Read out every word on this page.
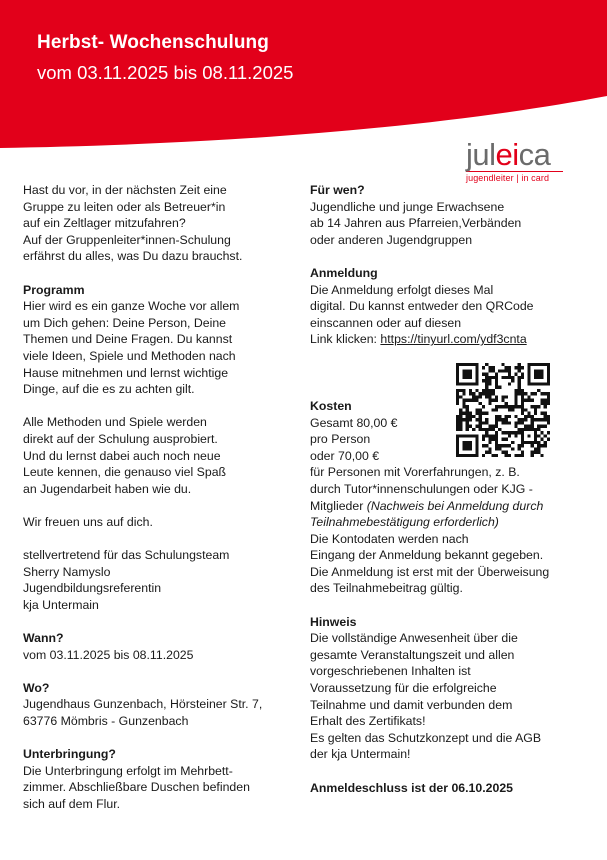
Herbst- Wochenschulung

vom 03.11.2025 bis 08.11.2025

juleica
jugendleiter | in card

Hast du vor, in der nächsten Zeit eine
Gruppe zu leiten oder als Betreuer*in
auf ein Zeltlager mitzufahren?
Auf der Gruppenleiter*innen-Schulung
erfährst du alles, was Du dazu brauchst.

Programm

Hier wird es ein ganze Woche vor allem
um Dich gehen: Deine Person, Deine
Themen und Deine Fragen. Du kannst
viele Ideen, Spiele und Methoden nach
Hause mitnehmen und lernst wichtige
Dinge, auf die es zu achten gilt.

Alle Methoden und Spiele werden
direkt auf der Schulung ausprobiert.
Und du lernst dabei auch noch neue
Leute kennen, die genauso viel Spaß
an Jugendarbeit haben wie du.

Wir freuen uns auf dich.

stellvertretend für das Schulungsteam
Sherry Namyslo
Jugendbildungsreferentin
kja Untermain

Wann?

vom 03.11.2025 bis 08.11.2025

Wo?

Jugendhaus Gunzenbach, Hörsteiner Str. 7,
63776 Mömbris - Gunzenbach

Unterbringung?

Die Unterbringung erfolgt im Mehrbett-
zimmer. Abschließbare Duschen befinden
sich auf dem Flur.

Für wen?

Jugendliche und junge Erwachsene
ab 14 Jahren aus Pfarreien,Verbänden
oder anderen Jugendgruppen

Anmeldung

Die Anmeldung erfolgt dieses Mal
digital. Du kannst entweder den QRCode
einscannen oder auf diesen

Link klicken: https://tinyurl.com/ydf3cnta

Kosten

Gesamt 80,00 €
pro Person
oder 70,00 €
für Personen mit Vorerfahrungen, z. B.
durch Tutor*innenschulungen oder KJG -

Mitglieder (Nachweis bei Anmeldung durch
Teilnahmebestätigung erforderlich)

Die Kontodaten werden nach
Eingang der Anmeldung bekannt gegeben.
Die Anmeldung ist erst mit der Überweisung
des Teilnahmebeitrag gültig.

Hinweis

Die vollständige Anwesenheit über die
gesamte Veranstaltungszeit und allen
vorgeschriebenen Inhalten ist
Voraussetzung für die erfolgreiche
Teilnahme und damit verbunden dem
Erhalt des Zertifikats!
Es gelten das Schutzkonzept und die AGB
der kja Untermain!

Anmeldeschluss ist der 06.10.2025
